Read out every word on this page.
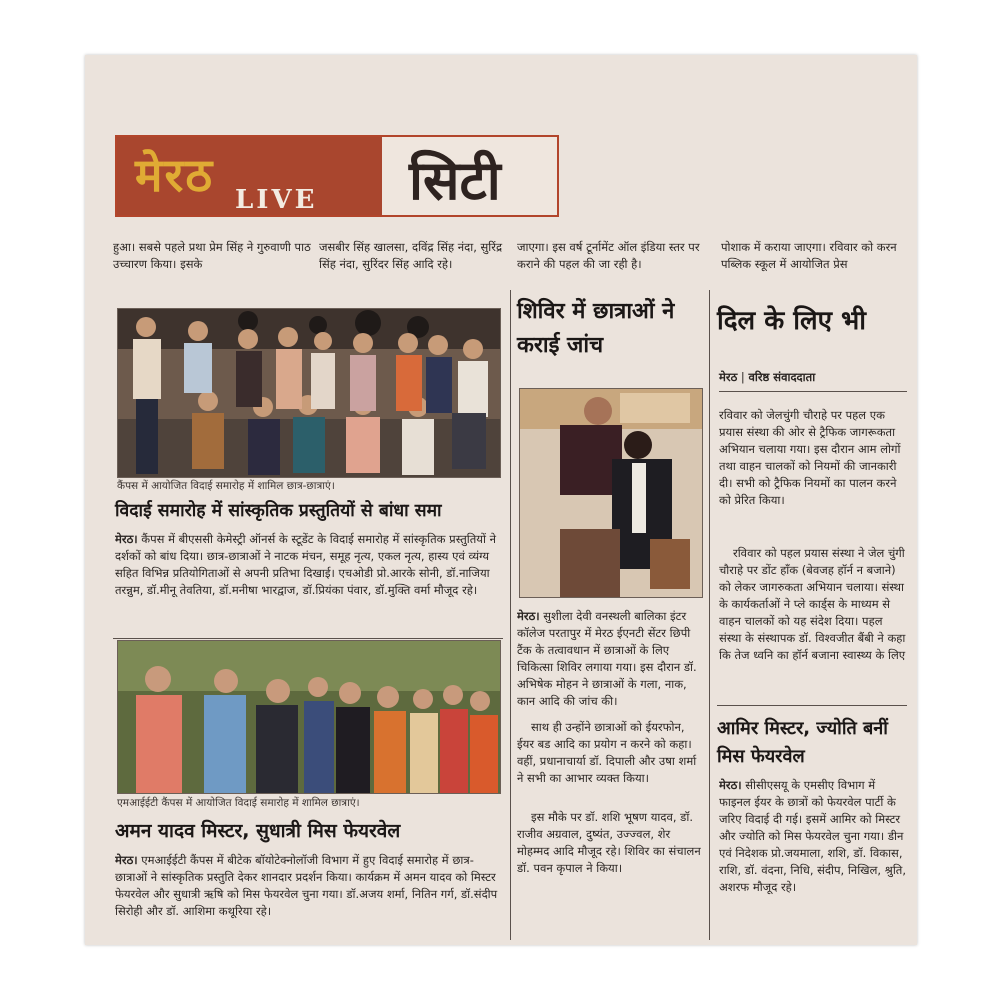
मेरठ LIVE सिटी
हुआ। सबसे पहले प्रथा प्रेम सिंह ने गुरुवाणी पाठ उच्चारण किया। इसके
जसबीर सिंह खालसा, दविंद्र सिंह नंदा, सुरिंद्र सिंह नंदा, सुरिंदर सिंह आदि रहे।
जाएगा। इस वर्ष टूर्नामेंट ऑल इंडिया स्तर पर कराने की पहल की जा रही है।
पोशाक में कराया जाएगा। रविवार को करन पब्लिक स्कूल में आयोजित प्रेस
कैंपस में आयोजित विदाई समारोह में शामिल छात्र-छात्राएं।
विदाई समारोह में सांस्कृतिक प्रस्तुतियों से बांधा समा
मेरठ। कैंपस में बीएससी केमेस्ट्री ऑनर्स के स्टूडेंट के विदाई समारोह में सांस्कृतिक प्रस्तुतियों ने दर्शकों को बांध दिया। छात्र-छात्राओं ने नाटक मंचन, समूह नृत्य, एकल नृत्य, हास्य एवं व्यंग्य सहित विभिन्न प्रतियोगिताओं से अपनी प्रतिभा दिखाई। एचओडी प्रो.आरके सोनी, डॉ.नाजिया तरन्नुम, डॉ.मीनू तेवतिया, डॉ.मनीषा भारद्वाज, डॉ.प्रियंका पंवार, डॉ.मुक्ति वर्मा मौजूद रहे।
एमआईईटी कैंपस में आयोजित विदाई समारोह में शामिल छात्राएं।
अमन यादव मिस्टर, सुधात्री मिस फेयरवेल
मेरठ। एमआईईटी कैंपस में बीटेक बॉयोटेक्नोलॉजी विभाग में हुए विदाई समारोह में छात्र-छात्राओं ने सांस्कृतिक प्रस्तुति देकर शानदार प्रदर्शन किया। कार्यक्रम में अमन यादव को मिस्टर फेयरवेल और सुधात्री ऋषि को मिस फेयरवेल चुना गया। डॉ.अजय शर्मा, नितिन गर्ग, डॉ.संदीप सिरोही और डॉ. आशिमा कथूरिया रहे।
शिविर में छात्राओं ने कराई जांच
मेरठ। सुशीला देवी वनस्थली बालिका इंटर कॉलेज परतापुर में मेरठ ईएनटी सेंटर छिपी टैंक के तत्वावधान में छात्राओं के लिए चिकित्सा शिविर लगाया गया। इस दौरान डॉ. अभिषेक मोहन ने छात्राओं के गला, नाक, कान आदि की जांच की।
साथ ही उन्होंने छात्राओं को ईयरफोन, ईयर बड आदि का प्रयोग न करने को कहा। वहीं, प्रधानाचार्या डॉ. दिपाली और उषा शर्मा ने सभी का आभार व्यक्त किया।
इस मौके पर डॉ. शशि भूषण यादव, डॉ. राजीव अग्रवाल, दुष्यंत, उज्ज्वल, शेर मोहम्मद आदि मौजूद रहे। शिविर का संचालन डॉ. पवन कृपाल ने किया।
दिल के लिए भी
मेरठ | वरिष्ठ संवाददाता
रविवार को जेलचुंगी चौराहे पर पहल एक प्रयास संस्था की ओर से ट्रैफिक जागरूकता अभियान चलाया गया। इस दौरान आम लोगों तथा वाहन चालकों को नियमों की जानकारी दी। सभी को ट्रैफिक नियमों का पालन करने को प्रेरित किया।
रविवार को पहल प्रयास संस्था ने जेल चुंगी चौराहे पर डोंट हॉंक (बेवजह हॉर्न न बजाने) को लेकर जागरुकता अभियान चलाया। संस्था के कार्यकर्ताओं ने प्ले कार्ड्स के माध्यम से वाहन चालकों को यह संदेश दिया। पहल संस्था के संस्थापक डॉ. विश्वजीत बैंबी ने कहा कि तेज ध्वनि का हॉर्न बजाना स्वास्थ्य के लिए
आमिर मिस्टर, ज्योति बनीं मिस फेयरवेल
मेरठ। सीसीएसयू के एमसीए विभाग में फाइनल ईयर के छात्रों को फेयरवेल पार्टी के जरिए विदाई दी गई। इसमें आमिर को मिस्टर और ज्योति को मिस फेयरवेल चुना गया। डीन एवं निदेशक प्रो.जयमाला, शशि, डॉ. विकास, राशि, डॉ. वंदना, निधि, संदीप, निखिल, श्रुति, अशरफ मौजूद रहे।
